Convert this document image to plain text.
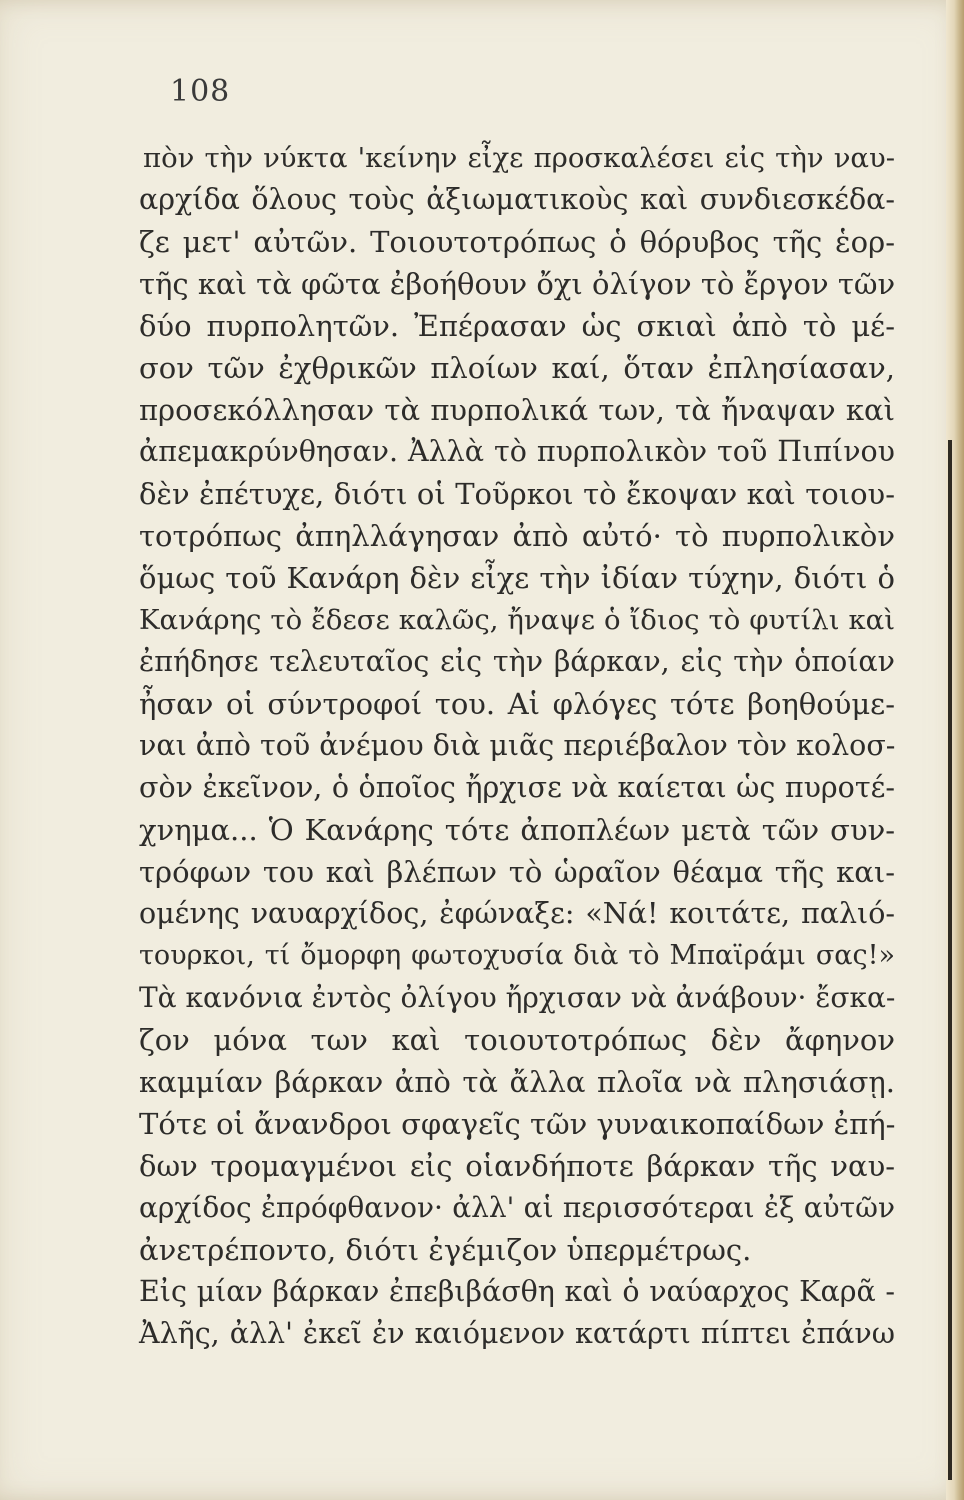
108
πὸν τὴν νύκτα 'κείνην εἶχε προσκαλέσει εἰς τὴν ναυ-
αρχίδα ὅλους τοὺς ἀξιωματικοὺς καὶ συνδιεσκέδα-
ζε μετ' αὐτῶν. Τοιουτοτρόπως ὁ θόρυβος τῆς ἑορ-
τῆς καὶ τὰ φῶτα ἐβοήθουν ὄχι ὀλίγον τὸ ἔργον τῶν
δύο πυρπολητῶν. Ἐπέρασαν ὡς σκιαὶ ἀπὸ τὸ μέ-
σον τῶν ἐχθρικῶν πλοίων καί, ὅταν ἐπλησίασαν,
προσεκόλλησαν τὰ πυρπολικά των, τὰ ἤναψαν καὶ
ἀπεμακρύνθησαν. Ἀλλὰ τὸ πυρπολικὸν τοῦ Πιπίνου
δὲν ἐπέτυχε, διότι οἱ Τοῦρκοι τὸ ἔκοψαν καὶ τοιου-
τοτρόπως ἀπηλλάγησαν ἀπὸ αὐτό· τὸ πυρπολικὸν
ὅμως τοῦ Κανάρη δὲν εἶχε τὴν ἰδίαν τύχην, διότι ὁ
Κανάρης τὸ ἔδεσε καλῶς, ἤναψε ὁ ἴδιος τὸ φυτίλι καὶ
ἐπήδησε τελευταῖος εἰς τὴν βάρκαν, εἰς τὴν ὁποίαν
ἦσαν οἱ σύντροφοί του. Αἱ φλόγες τότε βοηθούμε-
ναι ἀπὸ τοῦ ἀνέμου διὰ μιᾶς περιέβαλον τὸν κολοσ-
σὸν ἐκεῖνον, ὁ ὁποῖος ἤρχισε νὰ καίεται ὡς πυροτέ-
χνημα... Ὁ Κανάρης τότε ἀποπλέων μετὰ τῶν συν-
τρόφων του καὶ βλέπων τὸ ὡραῖον θέαμα τῆς και-
ομένης ναυαρχίδος, ἐφώναξε: «Νά! κοιτάτε, παλιό-
τουρκοι, τί ὄμορφη φωτοχυσία διὰ τὸ Μπαϊράμι σας!»
Τὰ κανόνια ἐντὸς ὀλίγου ἤρχισαν νὰ ἀνάβουν· ἔσκα-
ζον μόνα των καὶ τοιουτοτρόπως δὲν ἄφηνον
καμμίαν βάρκαν ἀπὸ τὰ ἄλλα πλοῖα νὰ πλησιάσῃ.
Τότε οἱ ἄνανδροι σφαγεῖς τῶν γυναικοπαίδων ἐπή-
δων τρομαγμένοι εἰς οἱανδήποτε βάρκαν τῆς ναυ-
αρχίδος ἐπρόφθανον· ἀλλ' αἱ περισσότεραι ἐξ αὐτῶν
ἀνετρέποντο, διότι ἐγέμιζον ὑπερμέτρως.
Εἰς μίαν βάρκαν ἐπεβιβάσθη καὶ ὁ ναύαρχος Καρᾶ -
Ἀλῆς, ἀλλ' ἐκεῖ ἐν καιόμενον κατάρτι πίπτει ἐπάνω
